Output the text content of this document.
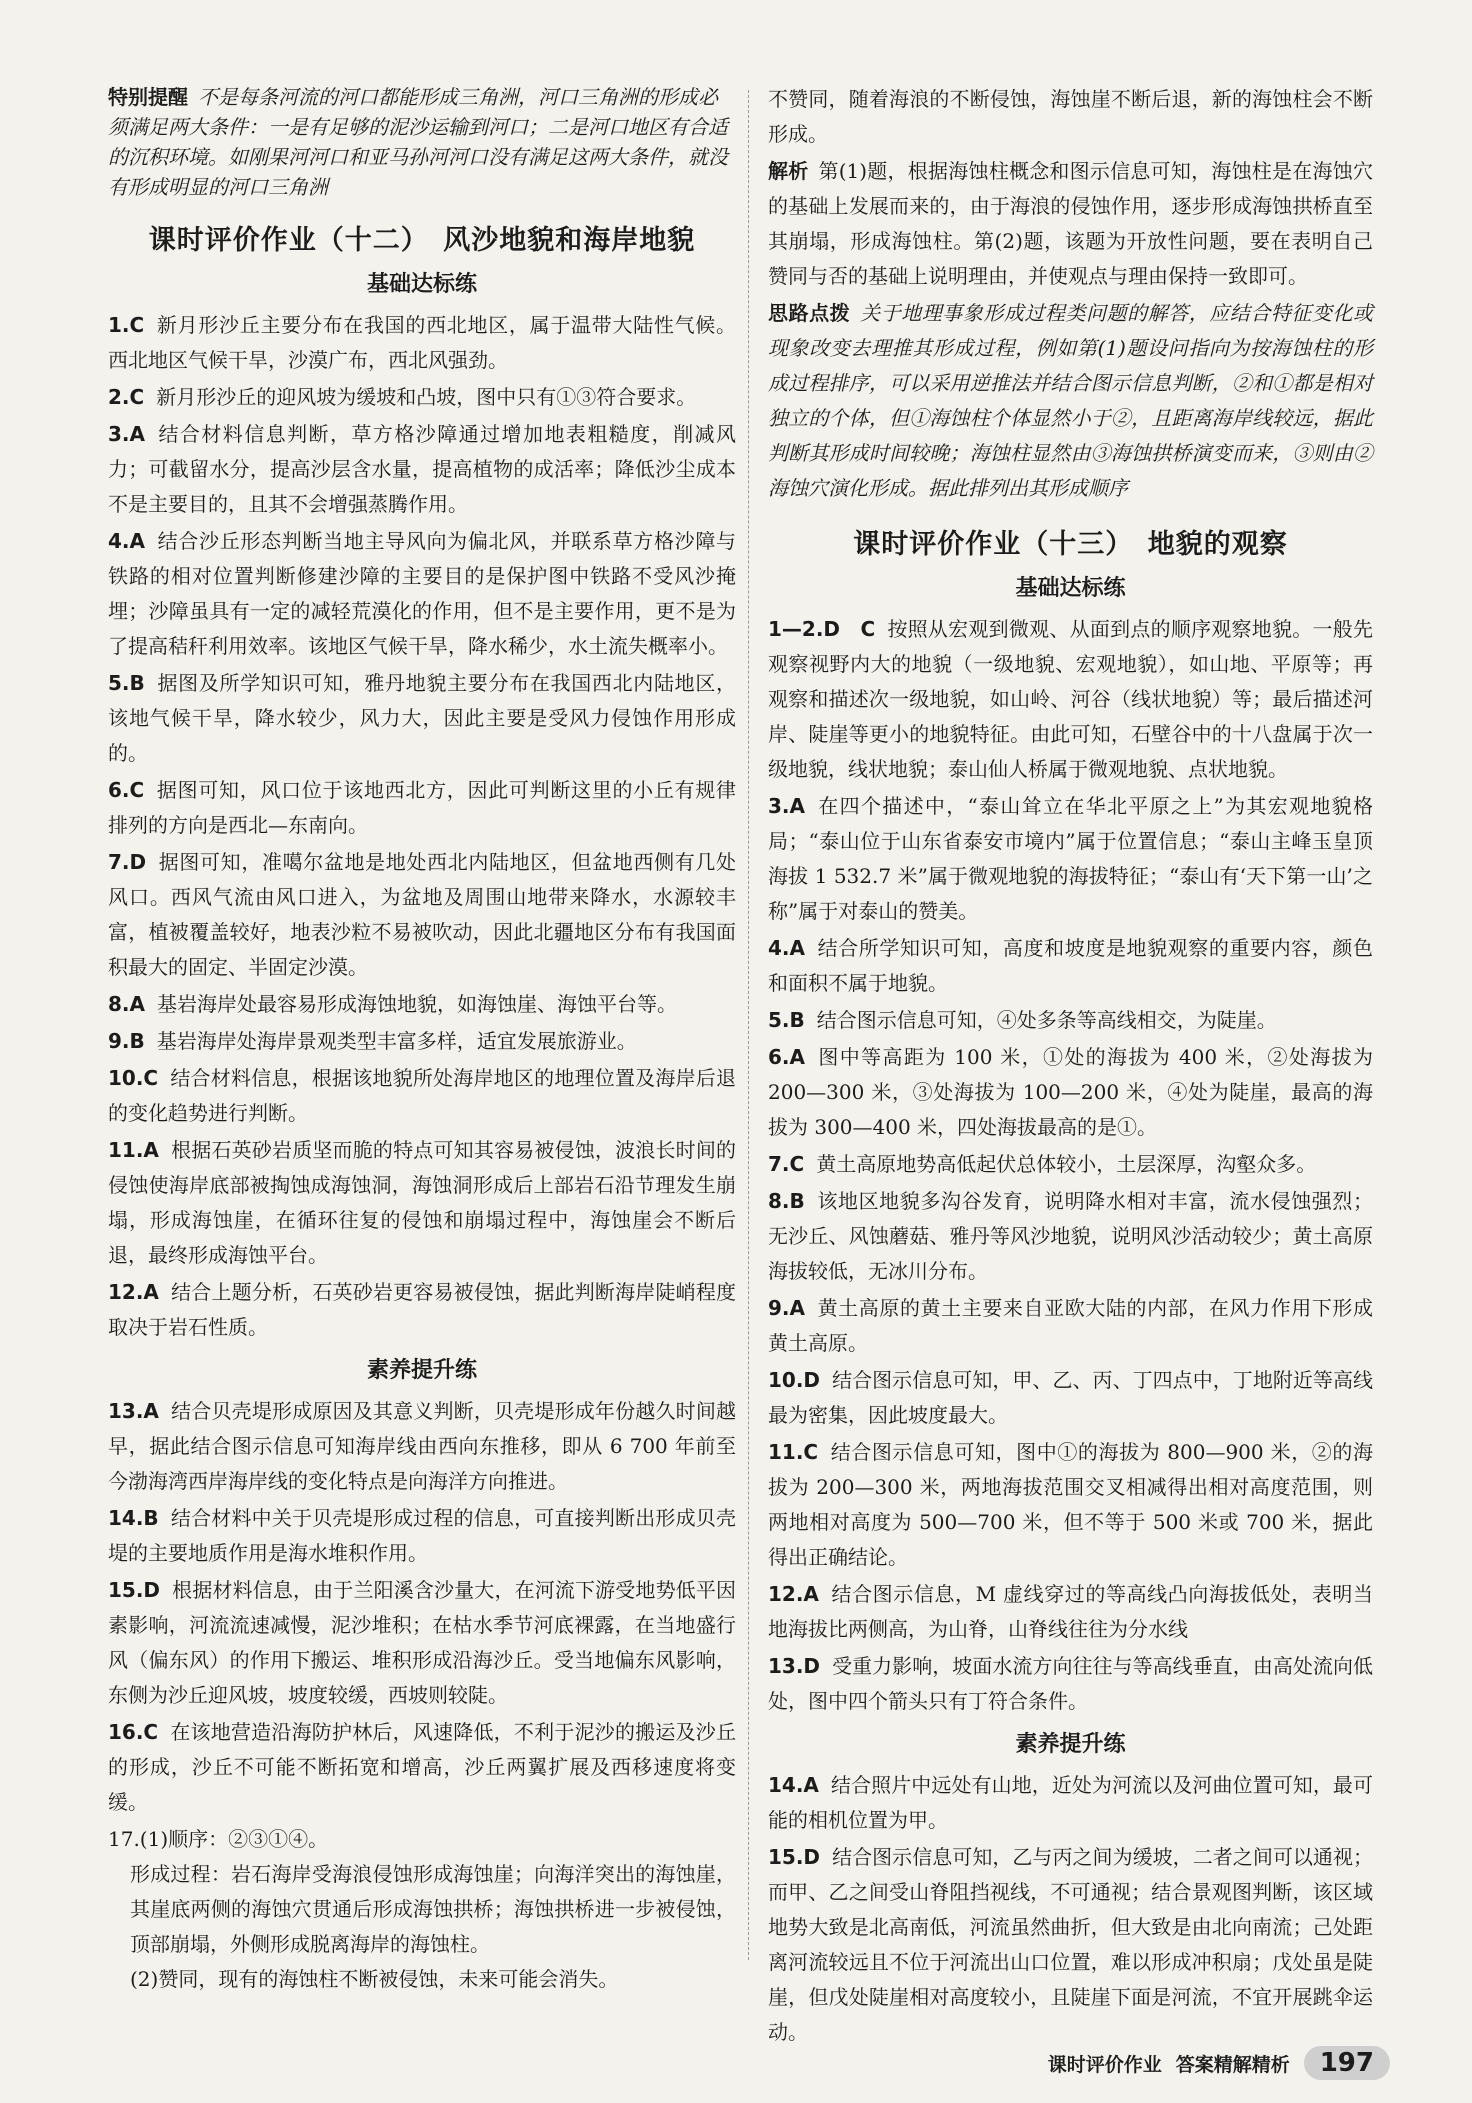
特别提醒 不是每条河流的河口都能形成三角洲，河口三角洲的形成必须满足两大条件：一是有足够的泥沙运输到河口；二是河口地区有合适的沉积环境。如刚果河河口和亚马孙河河口没有满足这两大条件，就没有形成明显的河口三角洲

课时评价作业（十二）　风沙地貌和海岸地貌
基础达标练

1.C 新月形沙丘主要分布在我国的西北地区，属于温带大陆性气候。西北地区气候干旱，沙漠广布，西北风强劲。

2.C 新月形沙丘的迎风坡为缓坡和凸坡，图中只有①③符合要求。

3.A 结合材料信息判断，草方格沙障通过增加地表粗糙度，削减风力；可截留水分，提高沙层含水量，提高植物的成活率；降低沙尘成本不是主要目的，且其不会增强蒸腾作用。

4.A 结合沙丘形态判断当地主导风向为偏北风，并联系草方格沙障与铁路的相对位置判断修建沙障的主要目的是保护图中铁路不受风沙掩埋；沙障虽具有一定的减轻荒漠化的作用，但不是主要作用，更不是为了提高秸秆利用效率。该地区气候干旱，降水稀少，水土流失概率小。

5.B 据图及所学知识可知，雅丹地貌主要分布在我国西北内陆地区，该地气候干旱，降水较少，风力大，因此主要是受风力侵蚀作用形成的。

6.C 据图可知，风口位于该地西北方，因此可判断这里的小丘有规律排列的方向是西北—东南向。

7.D 据图可知，准噶尔盆地是地处西北内陆地区，但盆地西侧有几处风口。西风气流由风口进入，为盆地及周围山地带来降水，水源较丰富，植被覆盖较好，地表沙粒不易被吹动，因此北疆地区分布有我国面积最大的固定、半固定沙漠。

8.A 基岩海岸处最容易形成海蚀地貌，如海蚀崖、海蚀平台等。

9.B 基岩海岸处海岸景观类型丰富多样，适宜发展旅游业。

10.C 结合材料信息，根据该地貌所处海岸地区的地理位置及海岸后退的变化趋势进行判断。

11.A 根据石英砂岩质坚而脆的特点可知其容易被侵蚀，波浪长时间的侵蚀使海岸底部被掏蚀成海蚀洞，海蚀洞形成后上部岩石沿节理发生崩塌，形成海蚀崖，在循环往复的侵蚀和崩塌过程中，海蚀崖会不断后退，最终形成海蚀平台。

12.A 结合上题分析，石英砂岩更容易被侵蚀，据此判断海岸陡峭程度取决于岩石性质。

素养提升练

13.A 结合贝壳堤形成原因及其意义判断，贝壳堤形成年份越久时间越早，据此结合图示信息可知海岸线由西向东推移，即从 6 700 年前至今渤海湾西岸海岸线的变化特点是向海洋方向推进。

14.B 结合材料中关于贝壳堤形成过程的信息，可直接判断出形成贝壳堤的主要地质作用是海水堆积作用。

15.D 根据材料信息，由于兰阳溪含沙量大，在河流下游受地势低平因素影响，河流流速减慢，泥沙堆积；在枯水季节河底裸露，在当地盛行风（偏东风）的作用下搬运、堆积形成沿海沙丘。受当地偏东风影响，东侧为沙丘迎风坡，坡度较缓，西坡则较陡。

16.C 在该地营造沿海防护林后，风速降低，不利于泥沙的搬运及沙丘的形成，沙丘不可能不断拓宽和增高，沙丘两翼扩展及西移速度将变缓。

17.(1)顺序：②③①④。
形成过程：岩石海岸受海浪侵蚀形成海蚀崖；向海洋突出的海蚀崖，其崖底两侧的海蚀穴贯通后形成海蚀拱桥；海蚀拱桥进一步被侵蚀，顶部崩塌，外侧形成脱离海岸的海蚀柱。
(2)赞同，现有的海蚀柱不断被侵蚀，未来可能会消失。

不赞同，随着海浪的不断侵蚀，海蚀崖不断后退，新的海蚀柱会不断形成。

解析 第(1)题，根据海蚀柱概念和图示信息可知，海蚀柱是在海蚀穴的基础上发展而来的，由于海浪的侵蚀作用，逐步形成海蚀拱桥直至其崩塌，形成海蚀柱。第(2)题，该题为开放性问题，要在表明自己赞同与否的基础上说明理由，并使观点与理由保持一致即可。

思路点拨 关于地理事象形成过程类问题的解答，应结合特征变化或现象改变去理推其形成过程，例如第(1)题设问指向为按海蚀柱的形成过程排序，可以采用逆推法并结合图示信息判断，②和①都是相对独立的个体，但①海蚀柱个体显然小于②，且距离海岸线较远，据此判断其形成时间较晚；海蚀柱显然由③海蚀拱桥演变而来，③则由②海蚀穴演化形成。据此排列出其形成顺序

课时评价作业（十三）　地貌的观察
基础达标练

1—2.D　C 按照从宏观到微观、从面到点的顺序观察地貌。一般先观察视野内大的地貌（一级地貌、宏观地貌），如山地、平原等；再观察和描述次一级地貌，如山岭、河谷（线状地貌）等；最后描述河岸、陡崖等更小的地貌特征。由此可知，石壁谷中的十八盘属于次一级地貌，线状地貌；泰山仙人桥属于微观地貌、点状地貌。

3.A 在四个描述中，“泰山耸立在华北平原之上”为其宏观地貌格局；“泰山位于山东省泰安市境内”属于位置信息；“泰山主峰玉皇顶海拔 1 532.7 米”属于微观地貌的海拔特征；“泰山有‘天下第一山’之称”属于对泰山的赞美。

4.A 结合所学知识可知，高度和坡度是地貌观察的重要内容，颜色和面积不属于地貌。

5.B 结合图示信息可知，④处多条等高线相交，为陡崖。

6.A 图中等高距为 100 米，①处的海拔为 400 米，②处海拔为 200—300 米，③处海拔为 100—200 米，④处为陡崖，最高的海拔为 300—400 米，四处海拔最高的是①。

7.C 黄土高原地势高低起伏总体较小，土层深厚，沟壑众多。

8.B 该地区地貌多沟谷发育，说明降水相对丰富，流水侵蚀强烈；无沙丘、风蚀蘑菇、雅丹等风沙地貌，说明风沙活动较少；黄土高原海拔较低，无冰川分布。

9.A 黄土高原的黄土主要来自亚欧大陆的内部，在风力作用下形成黄土高原。

10.D 结合图示信息可知，甲、乙、丙、丁四点中，丁地附近等高线最为密集，因此坡度最大。

11.C 结合图示信息可知，图中①的海拔为 800—900 米，②的海拔为 200—300 米，两地海拔范围交叉相减得出相对高度范围，则两地相对高度为 500—700 米，但不等于 500 米或 700 米，据此得出正确结论。

12.A 结合图示信息，M 虚线穿过的等高线凸向海拔低处，表明当地海拔比两侧高，为山脊，山脊线往往为分水线

13.D 受重力影响，坡面水流方向往往与等高线垂直，由高处流向低处，图中四个箭头只有丁符合条件。

素养提升练

14.A 结合照片中远处有山地，近处为河流以及河曲位置可知，最可能的相机位置为甲。

15.D 结合图示信息可知，乙与丙之间为缓坡，二者之间可以通视；而甲、乙之间受山脊阻挡视线，不可通视；结合景观图判断，该区域地势大致是北高南低，河流虽然曲折，但大致是由北向南流；己处距离河流较远且不位于河流出山口位置，难以形成冲积扇；戊处虽是陡崖，但戊处陡崖相对高度较小，且陡崖下面是河流，不宜开展跳伞运动。

课时评价作业 答案精解精析	197
